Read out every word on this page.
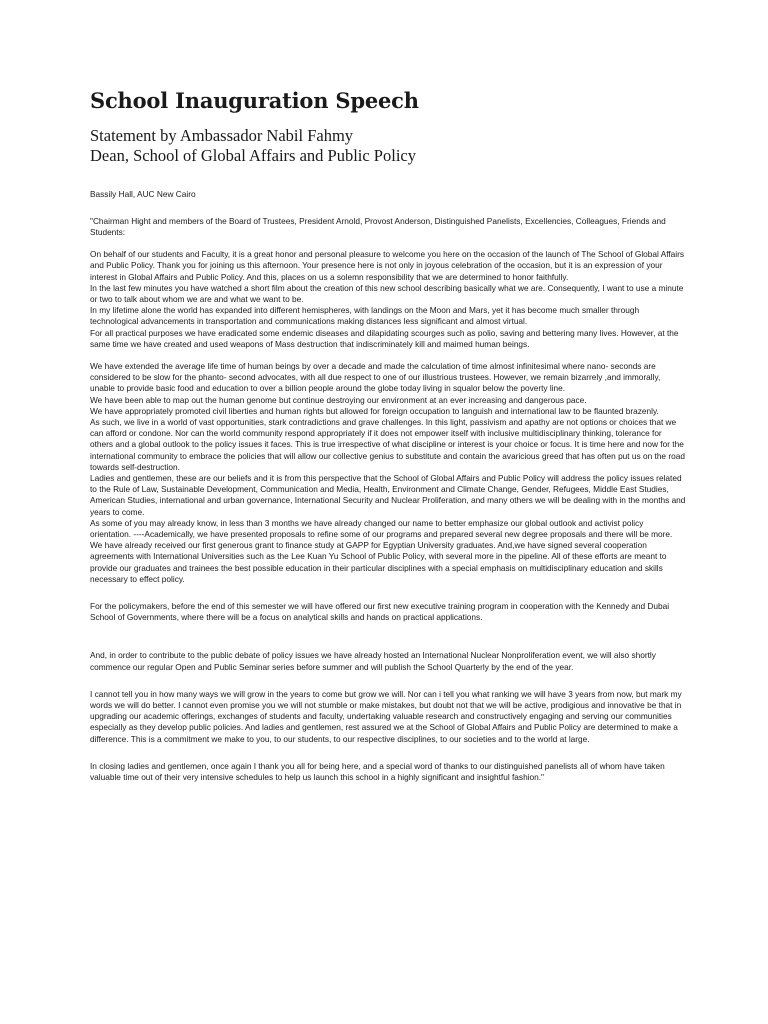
School Inauguration Speech
Statement by Ambassador Nabil Fahmy
Dean, School of Global Affairs and Public Policy

Bassily Hall, AUC New Cairo

"Chairman Hight and members of the Board of Trustees, President Arnold, Provost Anderson, Distinguished Panelists, Excellencies, Colleagues, Friends and Students:

On behalf of our students and Faculty, it is a great honor and personal pleasure to welcome you here on the occasion of the launch of The School of Global Affairs and Public Policy. Thank you for joining us this afternoon. Your presence here is not only in joyous celebration of the occasion, but it is an expression of your interest in Global Affairs and Public Policy. And this, places on us a solemn responsibility that we are determined to honor faithfully.

In the last few minutes you have watched a short film about the creation of this new school describing basically what we are. Consequently, I want to use a minute or two to talk about whom we are and what we want to be.

In my lifetime alone the world has expanded into different hemispheres, with landings on the Moon and Mars, yet it has become much smaller through technological advancements in transportation and communications making distances less significant and almost virtual.

For all practical purposes we have eradicated some endemic diseases and dilapidating scourges such as polio, saving and bettering many lives. However, at the same time we have created and used weapons of Mass destruction that indiscriminately kill and maimed human beings.

We have extended the average life time of human beings by over a decade and made the calculation of time almost infinitesimal where nano- seconds are considered to be slow for the phanto- second advocates, with all due respect to one of our illustrious trustees. However, we remain bizarrely ,and immorally, unable to provide basic food and education to over a billion people around the globe today living in squalor below the poverty line.

We have been able to map out the human genome but continue destroying our environment at an ever increasing and dangerous pace.

We have appropriately promoted civil liberties and human rights but allowed for foreign occupation to languish and international law to be flaunted brazenly.

As such, we live in a world of vast opportunities, stark contradictions and grave challenges. In this light, passivism and apathy are not options or choices that we can afford or condone. Nor can the world community respond appropriately if it does not empower itself with inclusive multidisciplinary thinking, tolerance for others and a global outlook to the policy issues it faces. This is true irrespective of what discipline or interest is your choice or focus. It is time here and now for the international community to embrace the policies that will allow our collective genius to substitute and contain the avaricious greed that has often put us on the road towards self-destruction.

Ladies and gentlemen, these are our beliefs and it is from this perspective that the School of Global Affairs and Public Policy will address the policy issues related to the Rule of Law, Sustainable Development, Communication and Media, Health, Environment and Climate Change, Gender, Refugees, Middle East Studies, American Studies, international and urban governance, International Security and Nuclear Proliferation, and many others we will be dealing with in the months and years to come.

As some of you may already know, in less than 3 months we have already changed our name to better emphasize our global outlook and activist policy orientation. ----Academically, we have presented proposals to refine some of our programs and prepared several new degree proposals and there will be more. We have already received our first generous grant to finance study at GAPP for Egyptian University graduates. And,we have signed several cooperation agreements with International Universities such as the Lee Kuan Yu School of Public Policy, with several more in the pipeline. All of these efforts are meant to provide our graduates and trainees the best possible education in their particular disciplines with a special emphasis on multidisciplinary education and skills necessary to effect policy.

For the policymakers, before the end of this semester we will have offered our first new executive training program in cooperation with the Kennedy and Dubai School of Governments, where there will be a focus on analytical skills and hands on practical applications.

And, in order to contribute to the public debate of policy issues we have already hosted an International Nuclear Nonproliferation event, we will also shortly commence our regular Open and Public Seminar series before summer and will publish the School Quarterly by the end of the year.

I cannot tell you in how many ways we will grow in the years to come but grow we will. Nor can i tell you what ranking we will have 3 years from now, but mark my words we will do better. I cannot even promise you we will not stumble or make mistakes, but doubt not that we will be active, prodigious and innovative be that in upgrading our academic offerings, exchanges of students and faculty, undertaking valuable research and constructively engaging and serving our communities especially as they develop public policies. And ladies and gentlemen, rest assured we at the School of Global Affairs and Public Policy are determined to make a difference. This is a commitment we make to you, to our students, to our respective disciplines, to our societies and to the world at large.

In closing ladies and gentlemen, once again I thank you all for being here, and a special word of thanks to our distinguished panelists all of whom have taken valuable time out of their very intensive schedules to help us launch this school in a highly significant and insightful fashion."
